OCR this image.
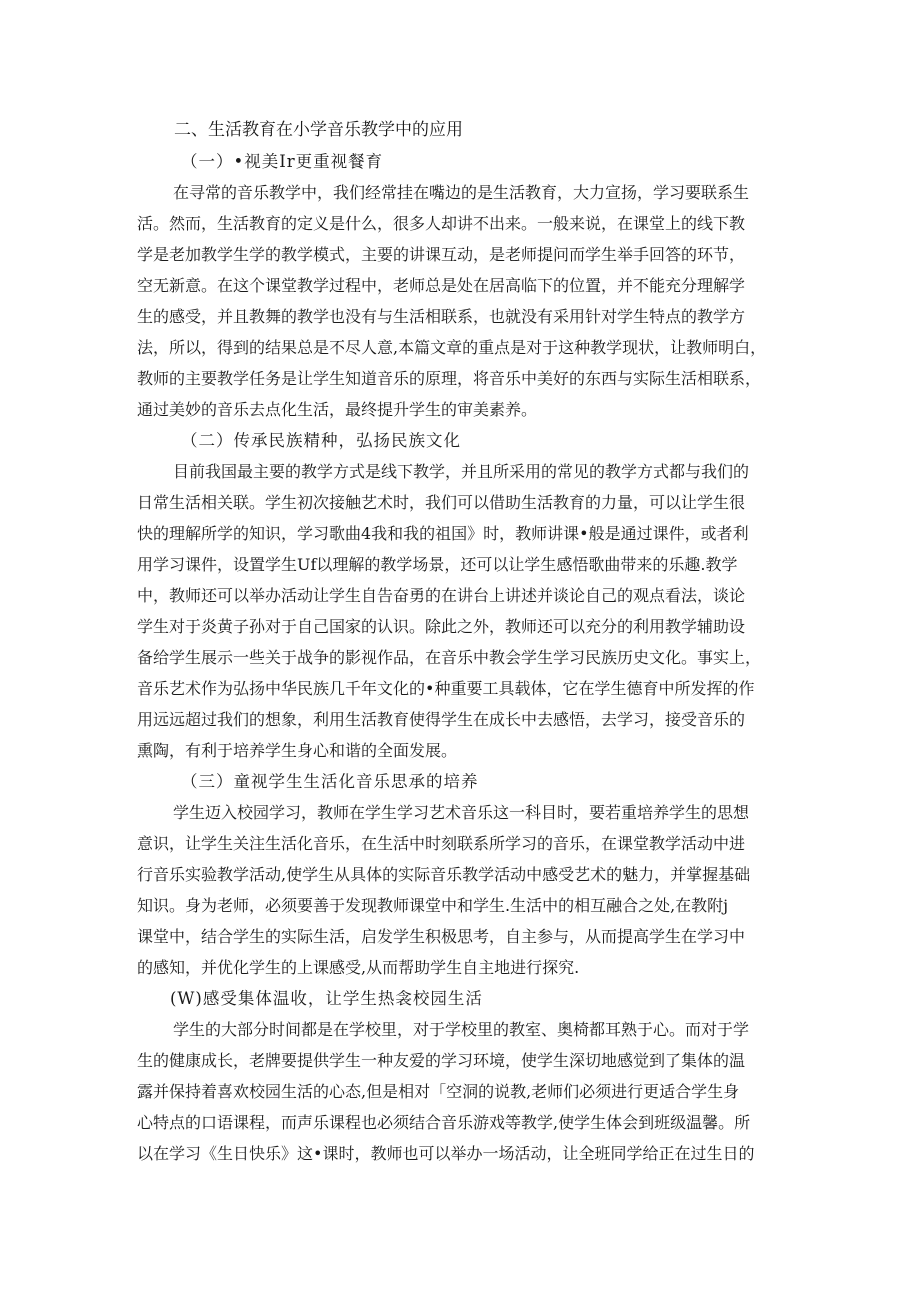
二、生活教育在小学音乐教学中的应用
（一）•视美Ir更重视餐育

在寻常的音乐教学中，我们经常挂在嘴边的是生活教育，大力宣扬，学习要联系生

活。然而，生活教育的定义是什么，很多人却讲不出来。一般来说，在课堂上的线下教

学是老加教学生学的教学模式，主要的讲课互动，是老师提问而学生举手回答的环节，

空无新意。在这个课堂教学过程中，老师总是处在居高临下的位置，并不能充分理解学

生的感受，并且教舞的教学也没有与生活相联系，也就没有采用针对学生特点的教学方

法，所以，得到的结果总是不尽人意,本篇文章的重点是对于这种教学现状，让教师明白，

教师的主要教学任务是让学生知道音乐的原理，将音乐中美好的东西与实际生活相联系，

通过美妙的音乐去点化生活，最终提升学生的审美素养。

（二）传承民族精种，弘扬民族文化

目前我国最主要的教学方式是线下教学，并且所采用的常见的教学方式都与我们的

日常生活相关联。学生初次接触艺术时，我们可以借助生活教育的力量，可以让学生很

快的理解所学的知识，学习歌曲4我和我的祖国》时，教师讲课•般是通过课件，或者利

用学习课件，设置学生Uf以理解的教学场景，还可以让学生感悟歌曲带来的乐趣.教学

中，教师还可以举办活动让学生自告奋勇的在讲台上讲述并谈论自己的观点看法，谈论

学生对于炎黄子孙对于自己国家的认识。除此之外，教师还可以充分的利用教学辅助设

备给学生展示一些关于战争的影视作品，在音乐中教会学生学习民族历史文化。事实上，

音乐艺术作为弘扬中华民族几千年文化的•种重要工具载体，它在学生德育中所发挥的作

用远远超过我们的想象，利用生活教育使得学生在成长中去感悟，去学习，接受音乐的

熏陶，有利于培养学生身心和谐的全面发展。

（三）童视学生生活化音乐思承的培养

学生迈入校园学习，教师在学生学习艺术音乐这一科目时，要若重培养学生的思想

意识，让学生关注生活化音乐，在生活中时刻联系所学习的音乐，在课堂教学活动中进

行音乐实验教学活动,使学生从具体的实际音乐教学活动中感受艺术的魅力，并掌握基础

知识。身为老师，必须要善于发现教师课堂中和学生.生活中的相互融合之处,在教附j

课堂中，结合学生的实际生活，启发学生积极思考，自主参与，从而提高学生在学习中

的感知，并优化学生的上课感受,从而帮助学生自主地进行探究.

(W)感受集体温收，让学生热衾校园生活

学生的大部分时间都是在学校里，对于学校里的教室、奥椅都耳熟于心。而对于学

生的健康成长，老牌要提供学生一种友爱的学习环境，使学生深切地感觉到了集体的温

露并保持着喜欢校园生活的心态,但是相对「空洞的说教,老师们必须进行更适合学生身

心特点的口语课程，而声乐课程也必须结合音乐游戏等教学,使学生体会到班级温馨。所

以在学习《生日快乐》这•课时，教师也可以举办一场活动，让全班同学给正在过生日的
